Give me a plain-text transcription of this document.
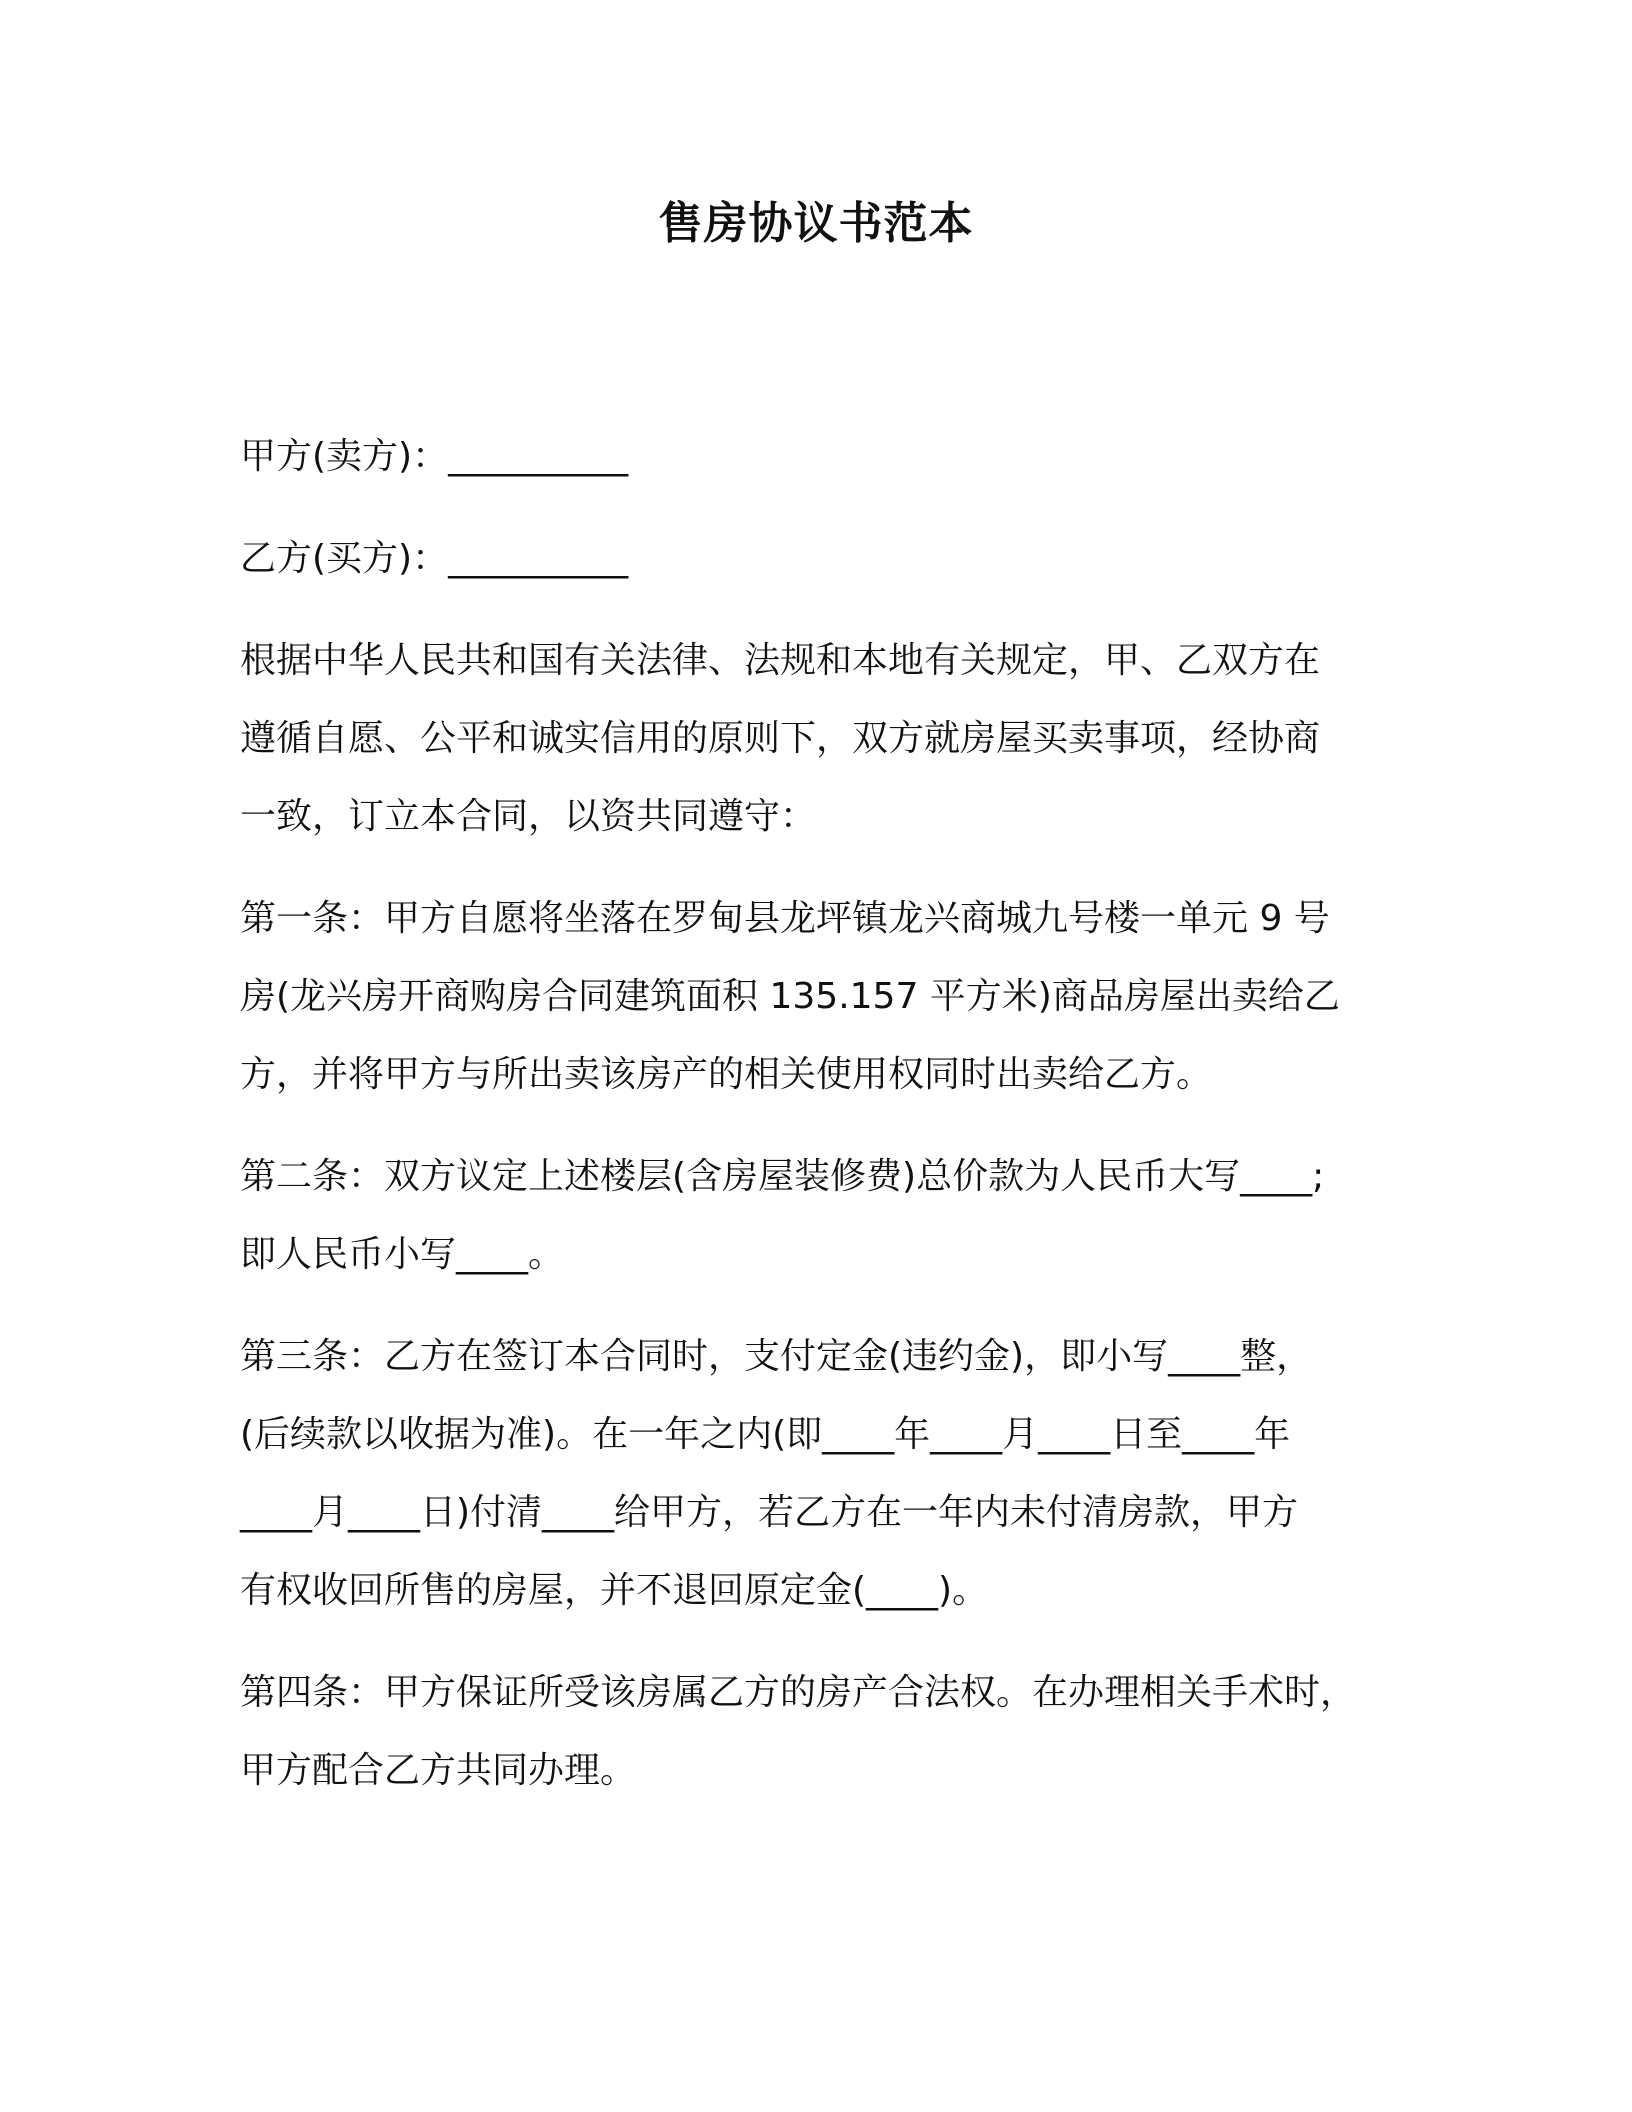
售房协议书范本

甲方(卖方)：__________

乙方(买方)：__________

根据中华人民共和国有关法律、法规和本地有关规定，甲、乙双方在
遵循自愿、公平和诚实信用的原则下，双方就房屋买卖事项，经协商
一致，订立本合同，以资共同遵守：

第一条：甲方自愿将坐落在罗甸县龙坪镇龙兴商城九号楼一单元 9 号
房(龙兴房开商购房合同建筑面积 135.157 平方米)商品房屋出卖给乙
方，并将甲方与所出卖该房产的相关使用权同时出卖给乙方。

第二条：双方议定上述楼层(含房屋装修费)总价款为人民币大写____;
即人民币小写____。

第三条：乙方在签订本合同时，支付定金(违约金)，即小写____整，
(后续款以收据为准)。在一年之内(即____年____月____日至____年
____月____日)付清____给甲方，若乙方在一年内未付清房款，甲方
有权收回所售的房屋，并不退回原定金(____)。

第四条：甲方保证所受该房属乙方的房产合法权。在办理相关手术时，
甲方配合乙方共同办理。
